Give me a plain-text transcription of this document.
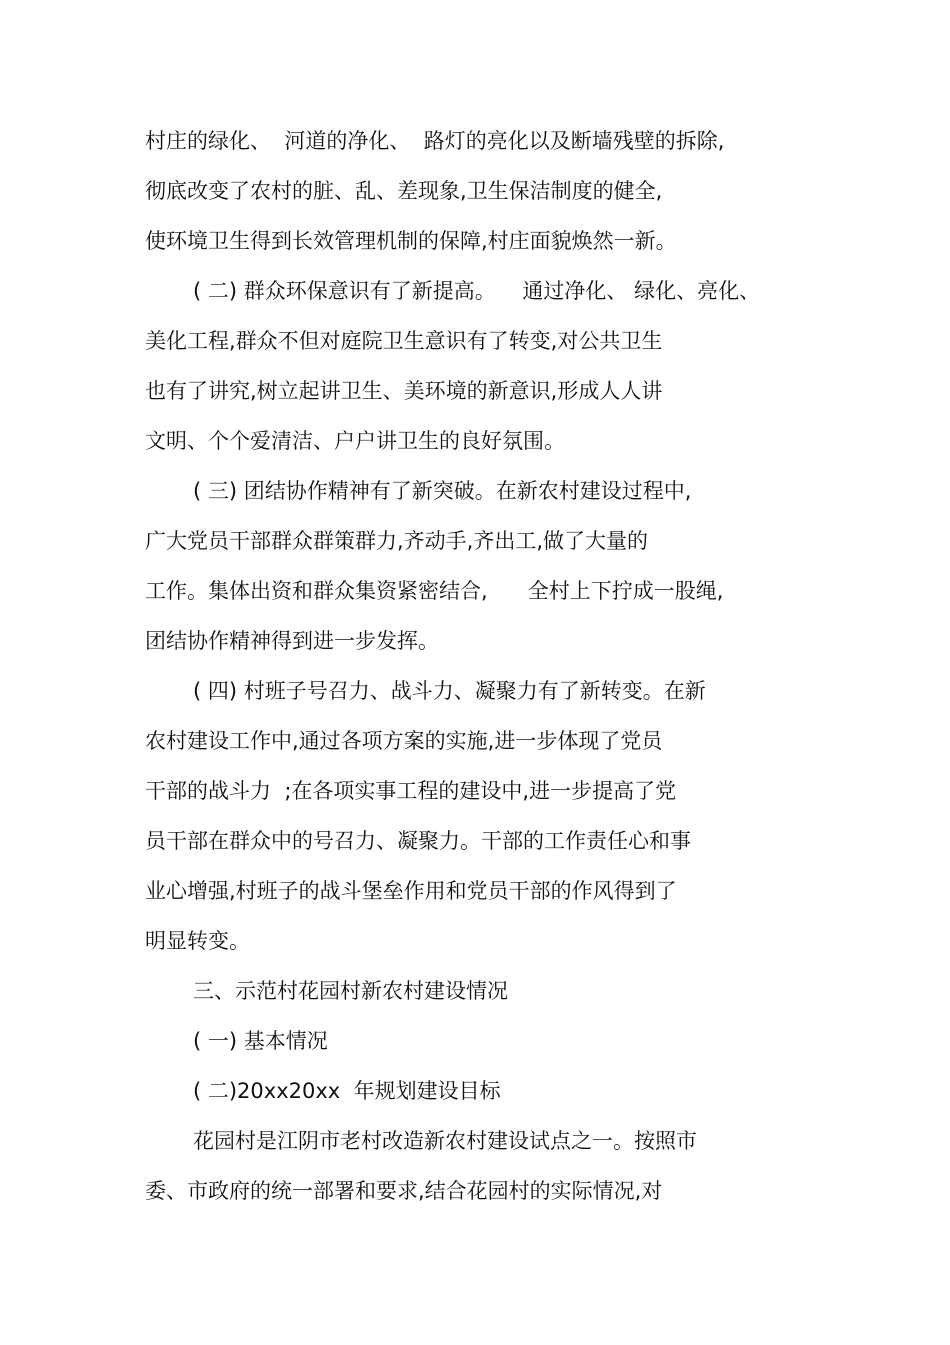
村庄的绿化、  河道的净化、  路灯的亮化以及断墙残壁的拆除,
彻底改变了农村的脏、乱、差现象,卫生保洁制度的健全,
使环境卫生得到长效管理机制的保障,村庄面貌焕然一新。
( 二) 群众环保意识有了新提高。    通过净化、 绿化、亮化、
美化工程,群众不但对庭院卫生意识有了转变,对公共卫生
也有了讲究,树立起讲卫生、美环境的新意识,形成人人讲
文明、个个爱清洁、户户讲卫生的良好氛围。
( 三) 团结协作精神有了新突破。在新农村建设过程中,
广大党员干部群众群策群力,齐动手,齐出工,做了大量的
工作。集体出资和群众集资紧密结合,      全村上下拧成一股绳,
团结协作精神得到进一步发挥。
( 四) 村班子号召力、战斗力、凝聚力有了新转变。在新
农村建设工作中,通过各项方案的实施,进一步体现了党员
干部的战斗力  ;在各项实事工程的建设中,进一步提高了党
员干部在群众中的号召力、凝聚力。干部的工作责任心和事
业心增强,村班子的战斗堡垒作用和党员干部的作风得到了
明显转变。
三、示范村花园村新农村建设情况
( 一) 基本情况
( 二)20xx20xx  年规划建设目标
花园村是江阴市老村改造新农村建设试点之一。按照市
委、市政府的统一部署和要求,结合花园村的实际情况,对
